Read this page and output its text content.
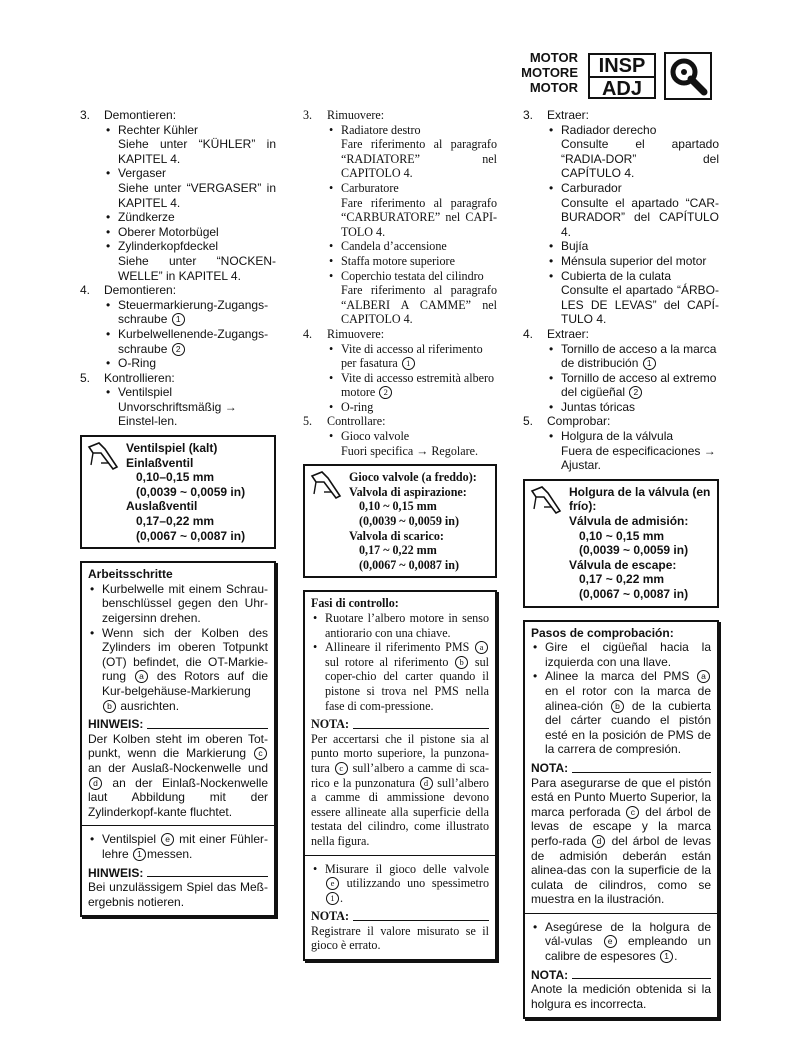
MOTOR
MOTORE
MOTOR
INSP
ADJ
3. Demontieren:
• Rechter Kühler
Siehe unter “KÜHLER” in KAPITEL 4.
• Vergaser
Siehe unter “VERGASER” in KAPITEL 4.
• Zündkerze
• Oberer Motorbügel
• Zylinderkopfdeckel
Siehe unter “NOCKEN-WELLE” in KAPITEL 4.
4. Demontieren:
• Steuermarkierung-Zugangs-schraube 1
• Kurbelwellenende-Zugangs-schraube 2
• O-Ring
5. Kontrollieren:
• Ventilspiel
Unvorschriftsmäßig → Einstel-len.
Ventilspiel (kalt)
Einlaßventil
0,10–0,15 mm
(0,0039 ~ 0,0059 in)
Auslaßventil
0,17–0,22 mm
(0,0067 ~ 0,0087 in)
Arbeitsschritte
• Kurbelwelle mit einem Schrau-benschlüssel gegen den Uhr-zeigersinn drehen.
• Wenn sich der Kolben des Zylinders im oberen Totpunkt (OT) befindet, die OT-Markie-rung a des Rotors auf die Kur-belgehäuse-Markierung b ausrichten.
HINWEIS:
Der Kolben steht im oberen Tot-punkt, wenn die Markierung c an der Auslaß-Nockenwelle und d an der Einlaß-Nockenwelle laut Abbildung mit der Zylinderkopf-kante fluchtet.
• Ventilspiel e mit einer Fühler-lehre 1 messen.
HINWEIS:
Bei unzulässigem Spiel das Meß-ergebnis notieren.
3. Rimuovere:
• Radiatore destro
Fare riferimento al paragrafo “RADIATORE” nel CAPITOLO 4.
• Carburatore
Fare riferimento al paragrafo “CARBURATORE” nel CAPI-TOLO 4.
• Candela d’accensione
• Staffa motore superiore
• Coperchio testata del cilindro
Fare riferimento al paragrafo “ALBERI A CAMME” nel CAPITOLO 4.
4. Rimuovere:
• Vite di accesso al riferimento per fasatura 1
• Vite di accesso estremità albero motore 2
• O-ring
5. Controllare:
• Gioco valvole
Fuori specifica → Regolare.
Gioco valvole (a freddo):
Valvola di aspirazione:
0,10 ~ 0,15 mm
(0,0039 ~ 0,0059 in)
Valvola di scarico:
0,17 ~ 0,22 mm
(0,0067 ~ 0,0087 in)
Fasi di controllo:
• Ruotare l’albero motore in senso antiorario con una chiave.
• Allineare il riferimento PMS a sul rotore al riferimento b sul coper-chio del carter quando il pistone si trova nel PMS nella fase di com-pressione.
NOTA:
Per accertarsi che il pistone sia al punto morto superiore, la punzona-tura c sull’albero a camme di sca-rico e la punzonatura d sull’albero a camme di ammissione devono essere allineate alla superficie della testata del cilindro, come illustrato nella figura.
• Misurare il gioco delle valvole e utilizzando uno spessimetro 1 .
NOTA:
Registrare il valore misurato se il gioco è errato.
3. Extraer:
• Radiador derecho
Consulte el apartado “RADIA-DOR” del CAPÍTULO 4.
• Carburador
Consulte el apartado “CAR-BURADOR” del CAPÍTULO 4.
• Bujía
• Ménsula superior del motor
• Cubierta de la culata
Consulte el apartado “ÁRBO-LES DE LEVAS” del CAPÍ-TULO 4.
4. Extraer:
• Tornillo de acceso a la marca de distribución 1
• Tornillo de acceso al extremo del cigüeñal 2
• Juntas tóricas
5. Comprobar:
• Holgura de la válvula
Fuera de especificaciones → Ajustar.
Holgura de la válvula (en frío):
Válvula de admisión:
0,10 ~ 0,15 mm
(0,0039 ~ 0,0059 in)
Válvula de escape:
0,17 ~ 0,22 mm
(0,0067 ~ 0,0087 in)
Pasos de comprobación:
• Gire el cigüeñal hacia la izquierda con una llave.
• Alinee la marca del PMS a en el rotor con la marca de alinea-ción b de la cubierta del cárter cuando el pistón esté en la posición de PMS de la carrera de compresión.
NOTA:
Para asegurarse de que el pistón está en Punto Muerto Superior, la marca perforada c del árbol de levas de escape y la marca perfo-rada d del árbol de levas de admisión deberán están alinea-das con la superficie de la culata de cilindros, como se muestra en la ilustración.
• Asegúrese de la holgura de vál-vulas e empleando un calibre de espesores 1 .
NOTA:
Anote la medición obtenida si la holgura es incorrecta.
